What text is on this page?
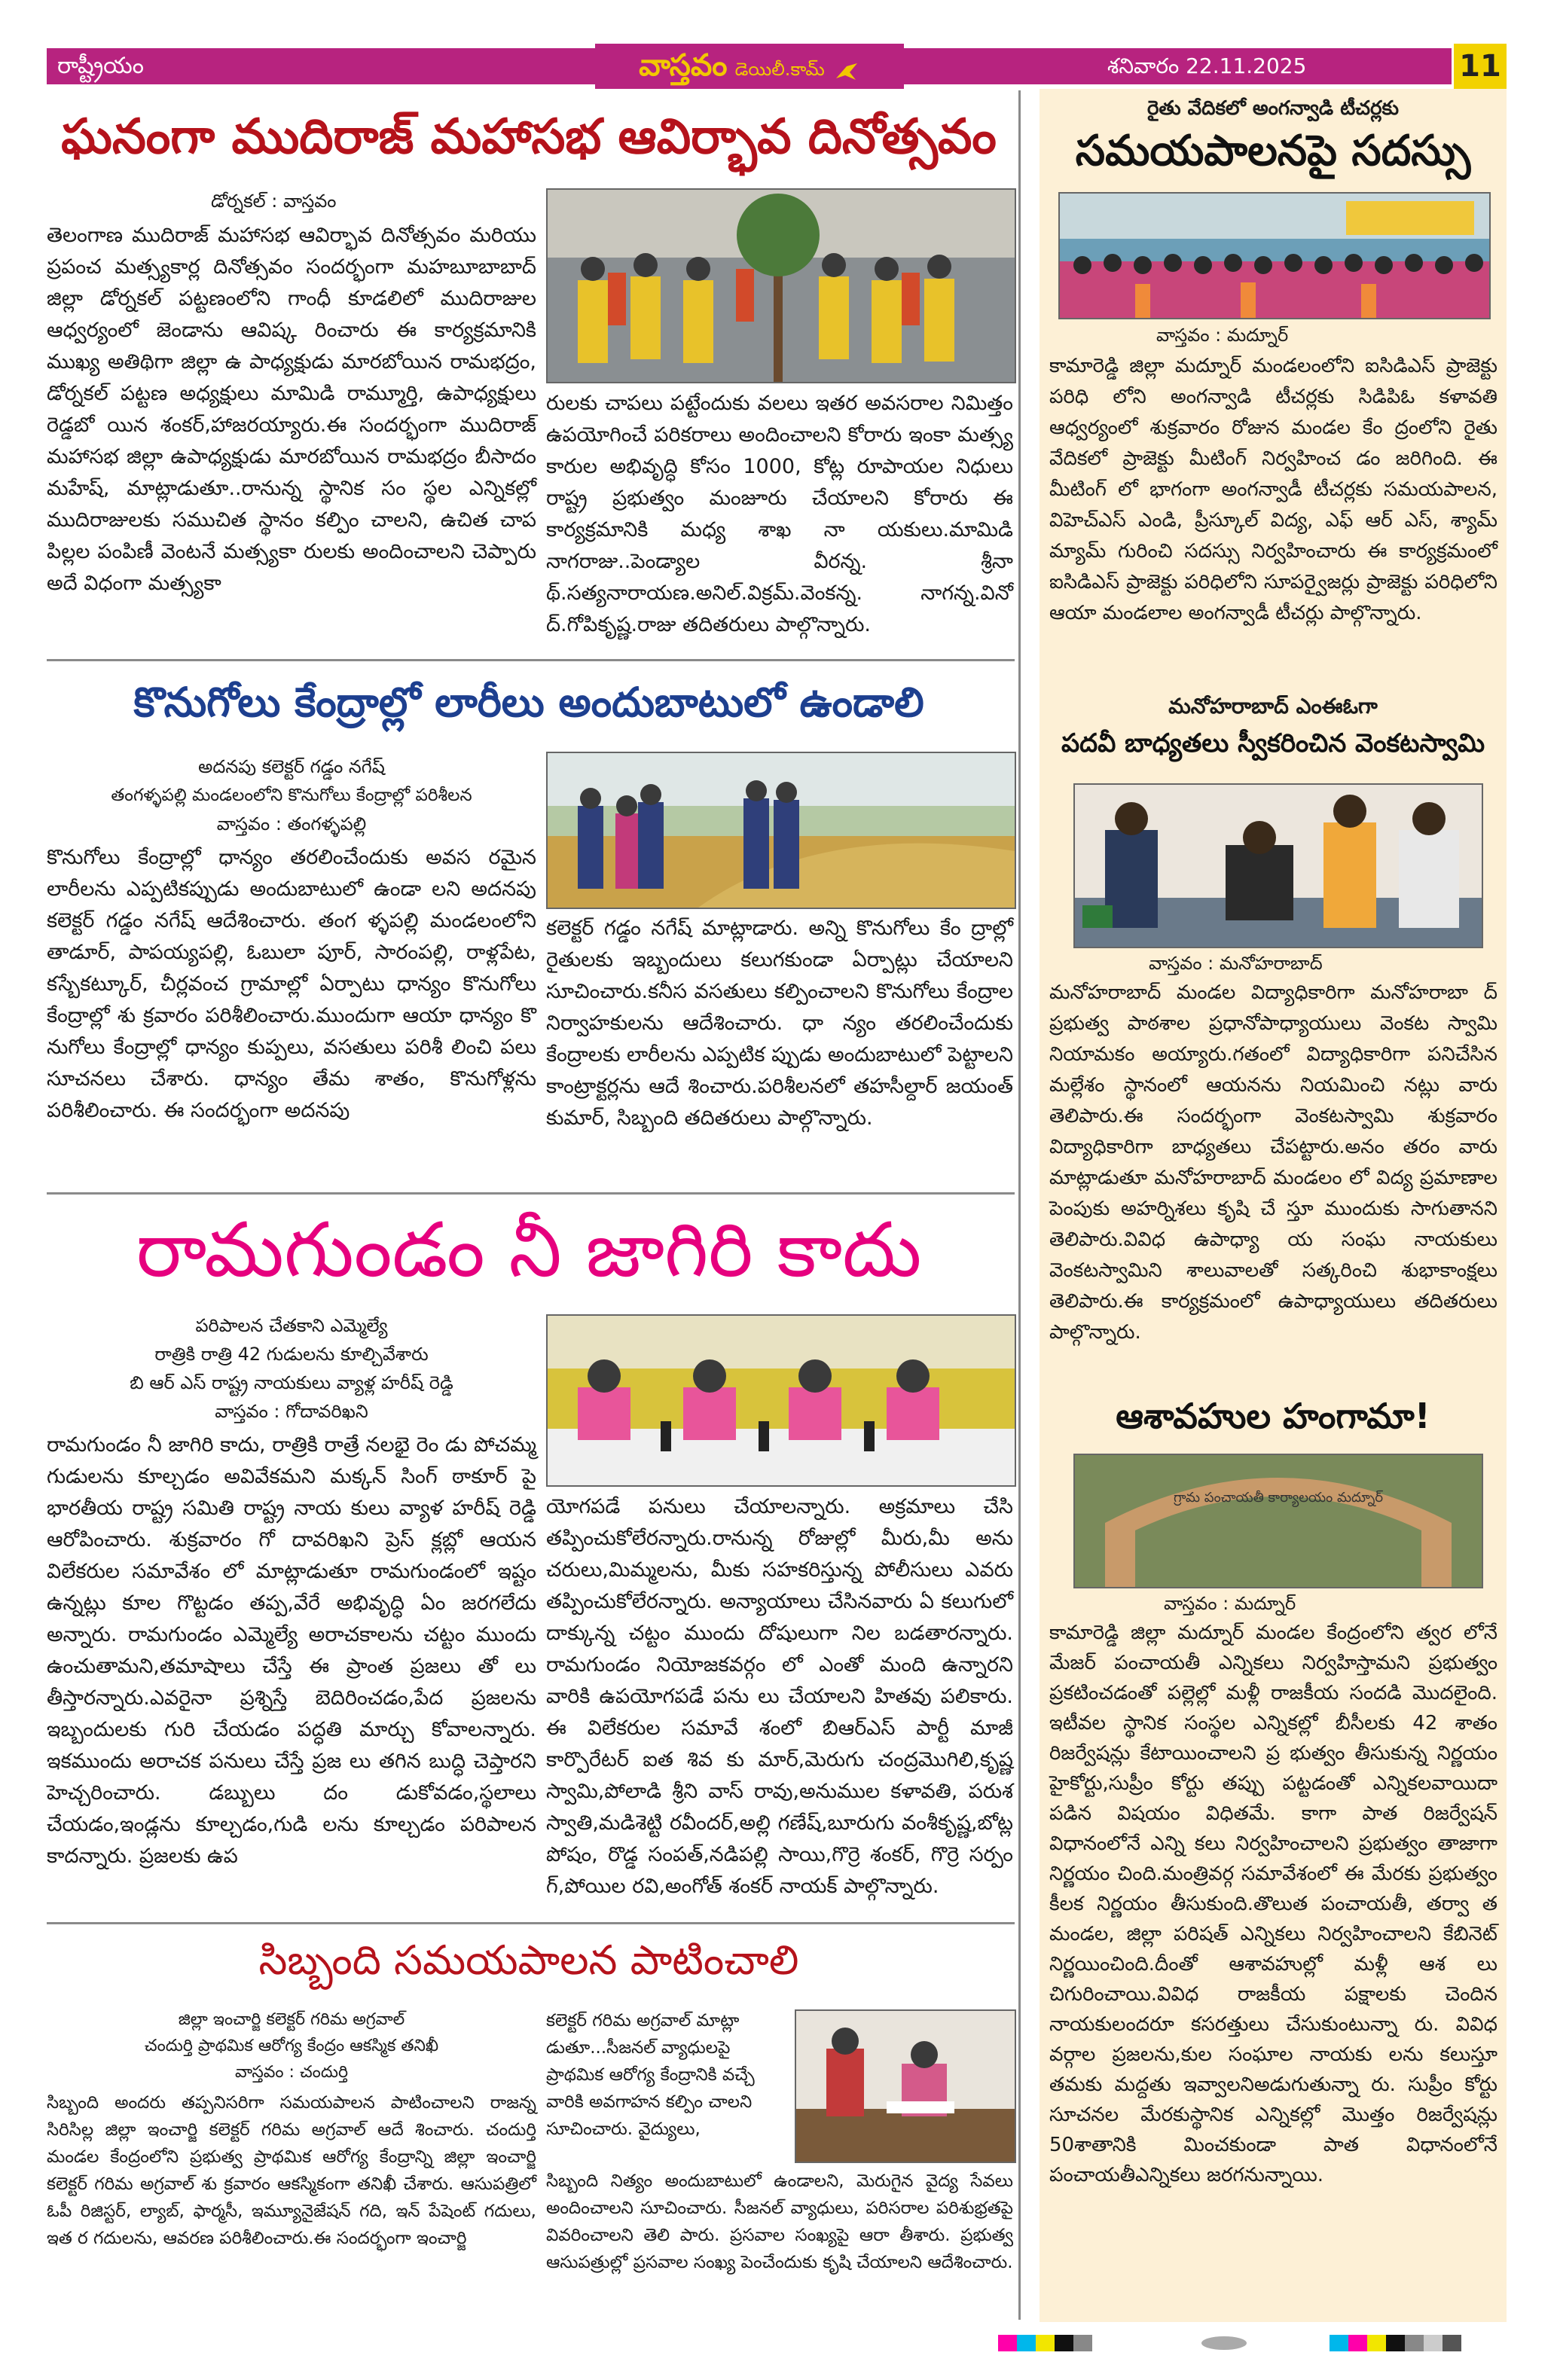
రాష్ట్రీయం	వాస్తవం డెయిలీ.కామ్	శనివారం 22.11.2025	11
ఘనంగా ముదిరాజ్ మహాసభ ఆవిర్భావ దినోత్సవం
డోర్నకల్ : వాస్తవం
తెలంగాణ ముదిరాజ్ మహాసభ ఆవిర్భావ దినోత్సవం మరియు ప్రపంచ మత్స్యకార్ల దినోత్సవం సందర్భంగా మహబూబాబాద్ జిల్లా డోర్నకల్ పట్టణంలోని గాంధీ కూడలిలో ముదిరాజుల ఆధ్వర్యంలో జెండాను ఆవిష్క రించారు ఈ కార్యక్రమానికి ముఖ్య అతిథిగా జిల్లా ఉ పాధ్యక్షుడు మారబోయిన రామభద్రం, డోర్నకల్ పట్టణ అధ్యక్షులు మామిడి రామ్మూర్తి, ఉపాధ్యక్షులు రెడ్డబో యిన శంకర్,హాజరయ్యారు.ఈ సందర్భంగా ముదిరాజ్ మహాసభ జిల్లా ఉపాధ్యక్షుడు మారబోయిన రామభద్రం బీసాదం మహేష్, మాట్లాడుతూ..రానున్న స్థానిక సం స్థల ఎన్నికల్లో ముదిరాజులకు సముచిత స్థానం కల్పిం చాలని, ఉచిత చాప పిల్లల పంపిణీ వెంటనే మత్స్యకా రులకు అందించాలని చెప్పారు అదే విధంగా మత్స్యకా
రులకు చాపలు పట్టేందుకు వలలు ఇతర అవసరాల నిమిత్తం ఉపయోగించే పరికరాలు అందించాలని కోరారు ఇంకా మత్స్య కారుల అభివృద్ధి కోసం 1000, కోట్ల రూపాయల నిధులు రాష్ట్ర ప్రభుత్వం మంజూరు చేయాలని కోరారు ఈ కార్యక్రమానికి మధ్య శాఖ నా యకులు.మామిడి నాగరాజు..పెండ్యాల వీరన్న. శ్రీనా థ్.సత్యనారాయణ.అనిల్.విక్రమ్.వెంకన్న. నాగన్న.వినో ద్.గోపికృష్ణ.రాజు తదితరులు పాల్గొన్నారు.
కొనుగోలు కేంద్రాల్లో లారీలు అందుబాటులో ఉండాలి
అదనపు కలెక్టర్ గడ్డం నగేష్
తంగళ్ళపల్లి మండలంలోని కొనుగోలు కేంద్రాల్లో పరిశీలన
వాస్తవం : తంగళ్ళపల్లి
కొనుగోలు కేంద్రాల్లో ధాన్యం తరలించేందుకు అవస రమైన లారీలను ఎప్పటికప్పుడు అందుబాటులో ఉండా లని అదనపు కలెక్టర్ గడ్డం నగేష్ ఆదేశించారు. తంగ ళ్ళపల్లి మండలంలోని తాడూర్, పాపయ్యపల్లి, ఓబులా పూర్, సారంపల్లి, రాళ్లపేట, కస్బేకట్కూర్, చీర్లవంచ గ్రామాల్లో ఏర్పాటు ధాన్యం కొనుగోలు కేంద్రాల్లో శు క్రవారం పరిశీలించారు.ముందుగా ఆయా ధాన్యం కొ నుగోలు కేంద్రాల్లో ధాన్యం కుప్పలు, వసతులు పరిశీ లించి పలు సూచనలు చేశారు. ధాన్యం తేమ శాతం, కొనుగోళ్లను పరిశీలించారు. ఈ సందర్భంగా అదనపు
కలెక్టర్ గడ్డం నగేష్ మాట్లాడారు. అన్ని కొనుగోలు కేం ద్రాల్లో రైతులకు ఇబ్బందులు కలుగకుండా ఏర్పాట్లు చేయాలని సూచించారు.కనీస వసతులు కల్పించాలని కొనుగోలు కేంద్రాల నిర్వాహకులను ఆదేశించారు. ధా న్యం తరలించేందుకు కేంద్రాలకు లారీలను ఎప్పటిక ప్పుడు అందుబాటులో పెట్టాలని కాంట్రాక్టర్లను ఆదే శించారు.పరిశీలనలో తహసీల్దార్ జయంత్ కుమార్, సిబ్బంది తదితరులు పాల్గొన్నారు.
రామగుండం నీ జాగిరి కాదు
పరిపాలన చేతకాని ఎమ్మెల్యే
రాత్రికి రాత్రి 42 గుడులను కూల్చివేశారు
బి ఆర్ ఎస్ రాష్ట్ర నాయకులు వ్యాళ్ల హరీష్ రెడ్డి
వాస్తవం : గోదావరిఖని
రామగుండం నీ జాగిరి కాదు, రాత్రికి రాత్రే నలభై రెం డు పోచమ్మ గుడులను కూల్చడం అవివేకమని మక్కన్ సింగ్ ఠాకూర్ పై భారతీయ రాష్ట్ర సమితి రాష్ట్ర నాయ కులు వ్యాళ హరీష్ రెడ్డి ఆరోపించారు. శుక్రవారం గో దావరిఖని ప్రెస్ క్లబ్లో ఆయన విలేకరుల సమావేశం లో మాట్లాడుతూ రామగుండంలో ఇష్టం ఉన్నట్లు కూల గొట్టడం తప్ప,వేరే అభివృద్ధి ఏం జరగలేదు అన్నారు. రామగుండం ఎమ్మెల్యే అరాచకాలను చట్టం ముందు ఉంచుతామని,తమాషాలు చేస్తే ఈ ప్రాంత ప్రజలు తో లు తీస్తారన్నారు.ఎవరైనా ప్రశ్నిస్తే బెదిరించడం,పేద ప్రజలను ఇబ్బందులకు గురి చేయడం పద్ధతి మార్చు కోవాలన్నారు. ఇకముందు అరాచక పనులు చేస్తే ప్రజ లు తగిన బుద్ధి చెప్తారని హెచ్చరించారు. డబ్బులు దం డుకోవడం,స్థలాలు చేయడం,ఇండ్లను కూల్చడం,గుడి లను కూల్చడం పరిపాలన కాదన్నారు. ప్రజలకు ఉప
యోగపడే పనులు చేయాలన్నారు. అక్రమాలు చేసి తప్పించుకోలేరన్నారు.రానున్న రోజుల్లో మీరు,మీ అను చరులు,మిమ్మలను, మీకు సహకరిస్తున్న పోలీసులు ఎవరు తప్పించుకోలేరన్నారు. అన్యాయాలు చేసినవారు ఏ కలుగులో దాక్కున్న చట్టం ముందు దోషులుగా నిల బడతారన్నారు. రామగుండం నియోజకవర్గం లో ఎంతో మంది ఉన్నారని వారికి ఉపయోగపడే పను లు చేయాలని హితవు పలికారు. ఈ విలేకరుల సమావే శంలో బిఆర్ఎస్ పార్టీ మాజీ కార్పొరేటర్ ఐత శివ కు మార్,మెరుగు చంద్రమొగిలి,కృష్ణ స్వామి,పోలాడి శ్రీని వాస్ రావు,అనుముల కళావతి, పరుశ స్వాతి,మడిశెట్టి రవీందర్,అల్లి గణేష్,బూరుగు వంశీకృష్ణ,బోట్ల పోషం, రొడ్డ సంపత్,నడిపల్లి సాయి,గొర్రె శంకర్, గొర్రె సర్పం గ్,పోయిల రవి,అంగోత్ శంకర్ నాయక్ పాల్గొన్నారు.
సిబ్బంది సమయపాలన పాటించాలి
జిల్లా ఇంచార్జి కలెక్టర్ గరిమ అగ్రవాల్
చందుర్తి ప్రాథమిక ఆరోగ్య కేంద్రం ఆకస్మిక తనిఖీ
వాస్తవం : చందుర్తి
సిబ్బంది అందరు తప్పనిసరిగా సమయపాలన పాటించాలని రాజన్న సిరిసిల్ల జిల్లా ఇంచార్జి కలెక్టర్ గరిమ అగ్రవాల్ ఆదే శించారు. చందుర్తి మండల కేంద్రంలోని ప్రభుత్వ ప్రాథమిక ఆరోగ్య కేంద్రాన్ని జిల్లా ఇంచార్జి కలెక్టర్ గరిమ అగ్రవాల్ శు క్రవారం ఆకస్మికంగా తనిఖీ చేశారు. ఆసుపత్రిలో ఓపీ రిజిస్టర్, ల్యాబ్, ఫార్మసీ, ఇమ్యూనైజేషన్ గది, ఇన్ పేషెంట్ గదులు, ఇత ర గదులను, ఆవరణ పరిశీలించారు.ఈ సందర్భంగా ఇంచార్జి
కలెక్టర్ గరిమ అగ్రవాల్ మాట్లా డుతూ...సీజనల్ వ్యాధులపై ప్రాథమిక ఆరోగ్య కేంద్రానికి వచ్చే వారికి అవగాహన కల్పిం చాలని సూచించారు. వైద్యులు,
సిబ్బంది నిత్యం అందుబాటులో ఉండాలని, మెరుగైన వైద్య సేవలు అందించాలని సూచించారు. సీజనల్ వ్యాధులు, పరిసరాల పరిశుభ్రతపై వివరించాలని తెలి పారు. ప్రసవాల సంఖ్యపై ఆరా తీశారు. ప్రభుత్వ ఆసుపత్రుల్లో ప్రసవాల సంఖ్య పెంచేందుకు కృషి చేయాలని ఆదేశించారు.
రైతు వేదికలో అంగన్వాడి టీచర్లకు
సమయపాలనపై సదస్సు
వాస్తవం : మద్నూర్
కామారెడ్డి జిల్లా మద్నూర్ మండలంలోని ఐసిడిఎస్ ప్రాజెక్టు పరిధి లోని అంగన్వాడి టీచర్లకు సిడిపిఓ కళావతి ఆధ్వర్యంలో శుక్రవారం రోజున మండల కేం ద్రంలోని రైతు వేదికలో ప్రాజెక్టు మీటింగ్ నిర్వహించ డం జరిగింది. ఈ మీటింగ్ లో భాగంగా అంగన్వాడీ టీచర్లకు సమయపాలన, విహెచ్ఎస్ ఎండి, ప్రీస్కూల్ విద్య, ఎఫ్ ఆర్ ఎస్, శ్యామ్ మ్యామ్ గురించి సదస్సు నిర్వహించారు ఈ కార్యక్రమంలో ఐసిడిఎస్ ప్రాజెక్టు పరిధిలోని సూపర్వైజర్లు ప్రాజెక్టు పరిధిలోని ఆయా మండలాల అంగన్వాడీ టీచర్లు పాల్గొన్నారు.
మనోహరాబాద్ ఎంఈఓగా
పదవీ బాధ్యతలు స్వీకరించిన వెంకటస్వామి
వాస్తవం : మనోహరాబాద్
మనోహరాబాద్ మండల విద్యాధికారిగా మనోహరాబా ద్ ప్రభుత్వ పాఠశాల ప్రధానోపాధ్యాయులు వెంకట స్వామి నియామకం అయ్యారు.గతంలో విద్యాధికారిగా పనిచేసిన మల్లేశం స్థానంలో ఆయనను నియమించి నట్లు వారు తెలిపారు.ఈ సందర్భంగా వెంకటస్వామి శుక్రవారం విద్యాధికారిగా బాధ్యతలు చేపట్టారు.అనం తరం వారు మాట్లాడుతూ మనోహరాబాద్ మండలం లో విద్య ప్రమాణాల పెంపుకు అహర్నిశలు కృషి చే స్తూ ముందుకు సాగుతానని తెలిపారు.వివిధ ఉపాధ్యా య సంఘ నాయకులు వెంకటస్వామిని శాలువాలతో సత్కరించి శుభాకాంక్షలు తెలిపారు.ఈ కార్యక్రమంలో ఉపాధ్యాయులు తదితరులు పాల్గొన్నారు.
ఆశావహుల హంగామా!
గ్రామ పంచాయతీ కార్యాలయం మద్నూర్
వాస్తవం : మద్నూర్
కామారెడ్డి జిల్లా మద్నూర్ మండల కేంద్రంలోని త్వర లోనే మేజర్ పంచాయతీ ఎన్నికలు నిర్వహిస్తామని ప్రభుత్వం ప్రకటించడంతో పల్లెల్లో మళ్లీ రాజకీయ సందడి మొదలైంది. ఇటీవల స్థానిక సంస్థల ఎన్నికల్లో బీసీలకు 42 శాతం రిజర్వేషన్లు కేటాయించాలని ప్ర భుత్వం తీసుకున్న నిర్ణయం హైకోర్టు,సుప్రీం కోర్టు తప్పు పట్టడంతో ఎన్నికలవాయిదా పడిన విషయం విధితమే. కాగా పాత రిజర్వేషన్ విధానంలోనే ఎన్ని కలు నిర్వహించాలని ప్రభుత్వం తాజాగా నిర్ణయం చింది.మంత్రివర్గ సమావేశంలో ఈ మేరకు ప్రభుత్వం కీలక నిర్ణయం తీసుకుంది.తొలుత పంచాయతీ, తర్వా త మండల, జిల్లా పరిషత్ ఎన్నికలు నిర్వహించాలని కేబినెట్ నిర్ణయించింది.దీంతో ఆశావహుల్లో మళ్లీ ఆశ లు చిగురించాయి.వివిధ రాజకీయ పక్షాలకు చెందిన నాయకులందరూ కసరత్తులు చేసుకుంటున్నా రు. వివిధ వర్గాల ప్రజలను,కుల సంఘాల నాయకు లను కలుస్తూ తమకు మద్దతు ఇవ్వాలనిఅడుగుతున్నా రు. సుప్రీం కోర్టు సూచనల మేరకుస్థానిక ఎన్నికల్లో మొత్తం రిజర్వేషన్లు 50శాతానికి మించకుండా పాత విధానంలోనే పంచాయతీఎన్నికలు జరగనున్నాయి.
